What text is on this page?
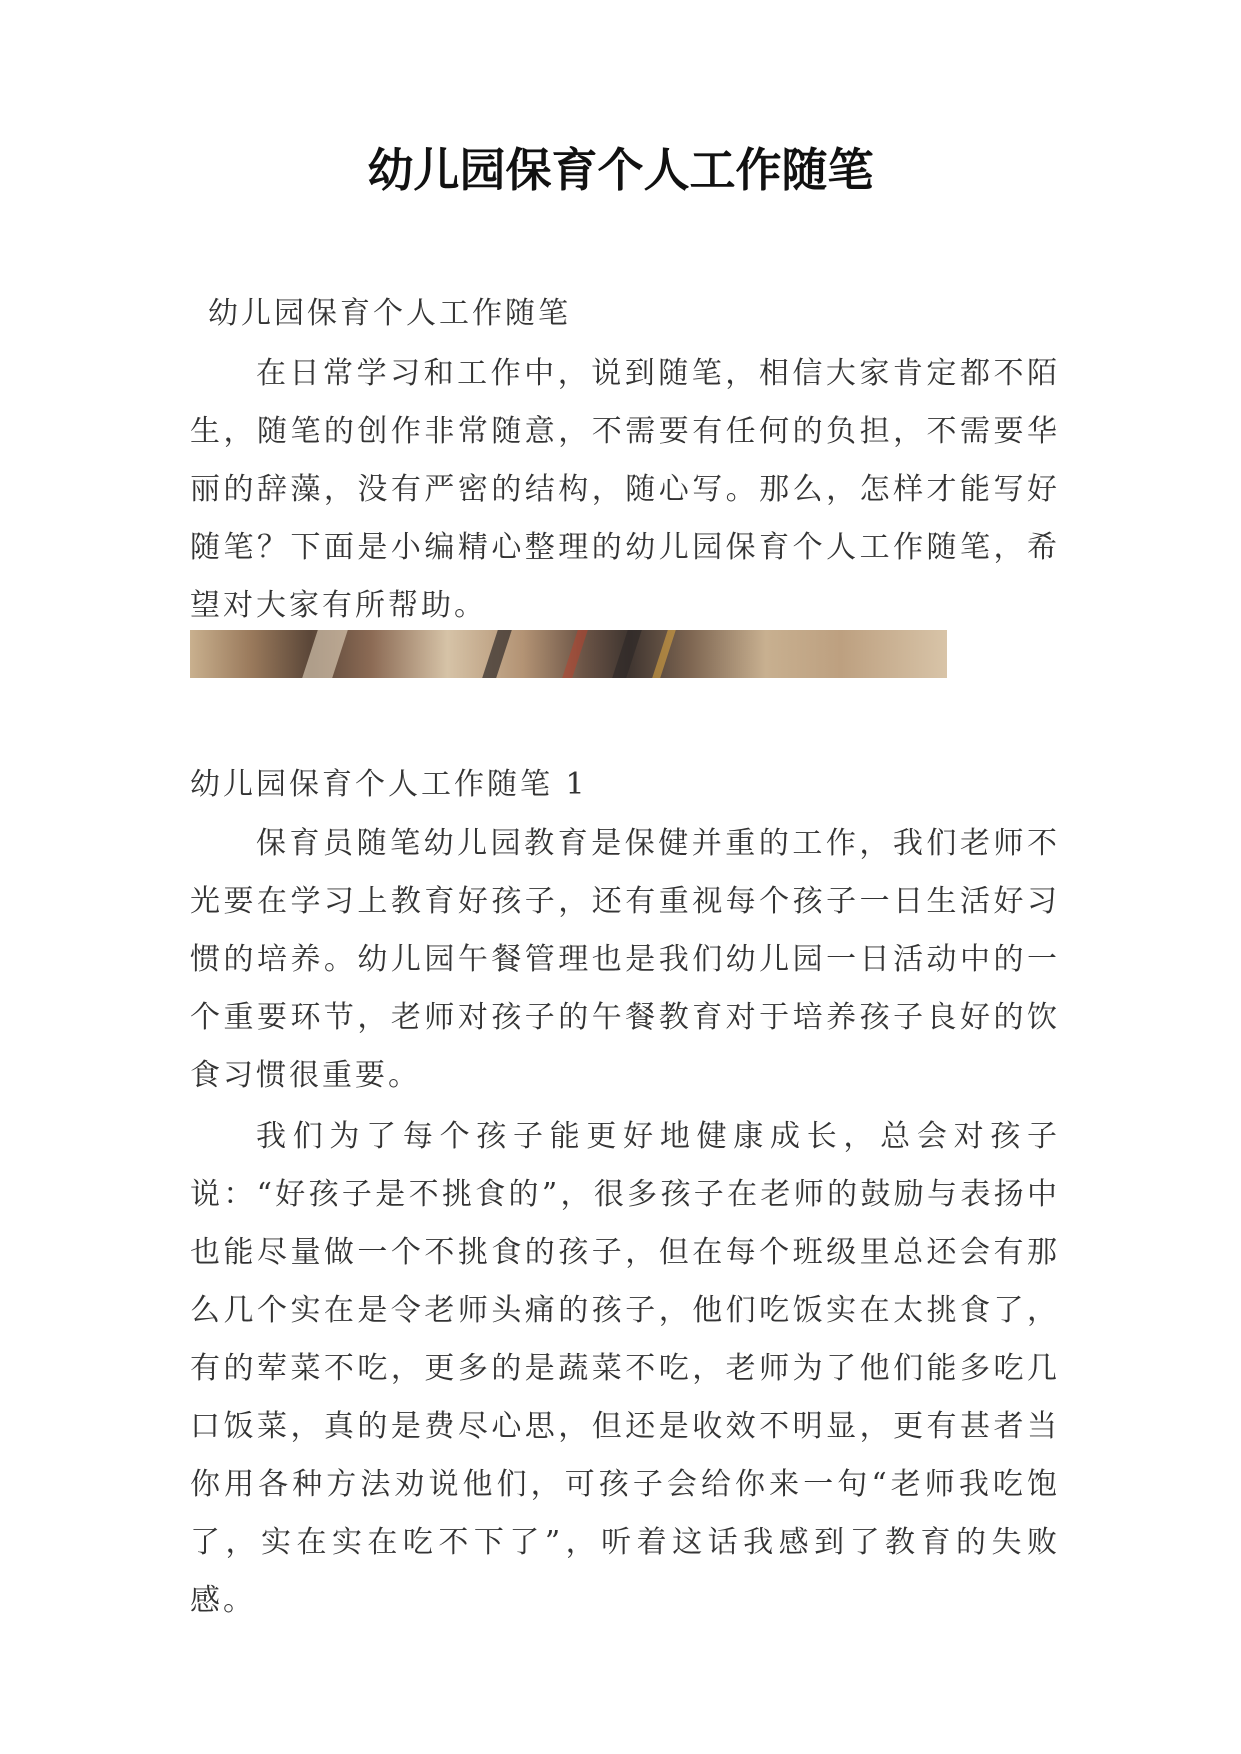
幼儿园保育个人工作随笔
幼儿园保育个人工作随笔

在日常学习和工作中，说到随笔，相信大家肯定都不陌生，随笔的创作非常随意，不需要有任何的负担，不需要华丽的辞藻，没有严密的结构，随心写。那么，怎样才能写好随笔？下面是小编精心整理的幼儿园保育个人工作随笔，希望对大家有所帮助。

幼儿园保育个人工作随笔 1

保育员随笔幼儿园教育是保健并重的工作，我们老师不光要在学习上教育好孩子，还有重视每个孩子一日生活好习惯的培养。幼儿园午餐管理也是我们幼儿园一日活动中的一个重要环节，老师对孩子的午餐教育对于培养孩子良好的饮食习惯很重要。

我们为了每个孩子能更好地健康成长，总会对孩子说：“好孩子是不挑食的”，很多孩子在老师的鼓励与表扬中也能尽量做一个不挑食的孩子，但在每个班级里总还会有那么几个实在是令老师头痛的孩子，他们吃饭实在太挑食了，有的荤菜不吃，更多的是蔬菜不吃，老师为了他们能多吃几口饭菜，真的是费尽心思，但还是收效不明显，更有甚者当你用各种方法劝说他们，可孩子会给你来一句“老师我吃饱了，实在实在吃不下了”，听着这话我感到了教育的失败感。
